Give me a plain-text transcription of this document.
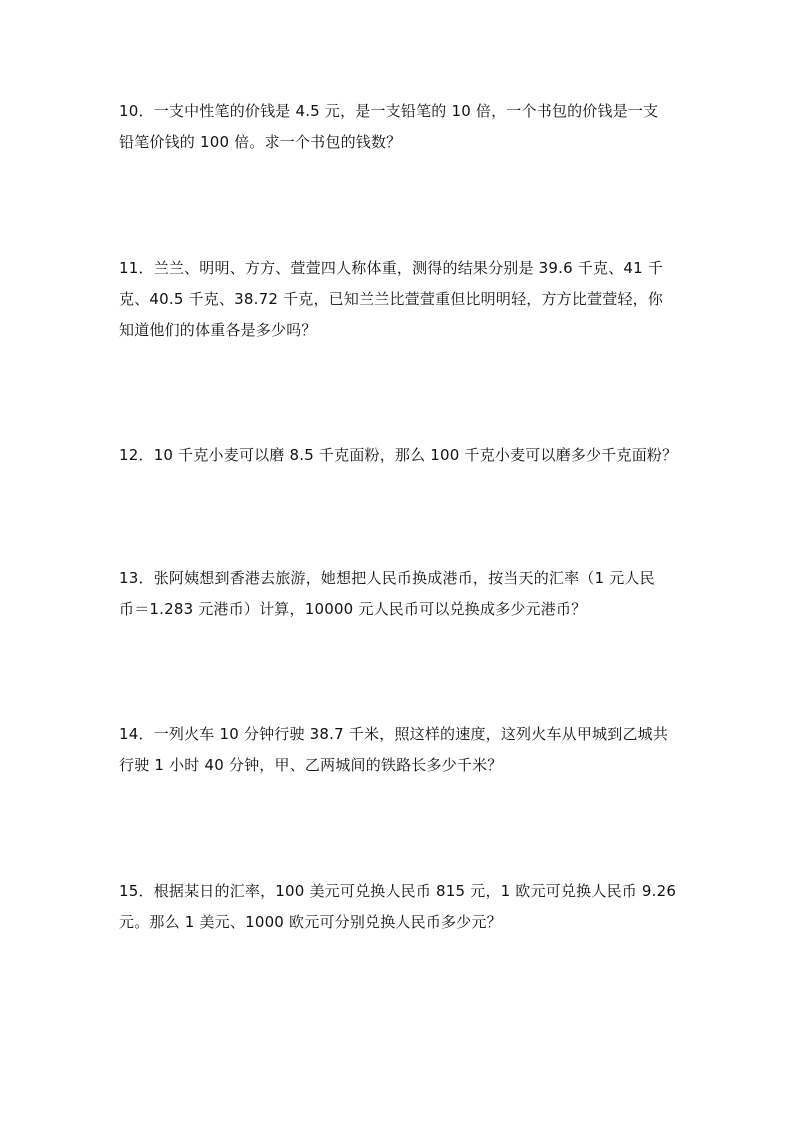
10．一支中性笔的价钱是 4.5 元，是一支铅笔的 10 倍，一个书包的价钱是一支
铅笔价钱的 100 倍。求一个书包的钱数？

11．兰兰、明明、方方、萱萱四人称体重，测得的结果分别是 39.6 千克、41 千
克、40.5 千克、38.72 千克，已知兰兰比萱萱重但比明明轻，方方比萱萱轻，你
知道他们的体重各是多少吗？

12．10 千克小麦可以磨 8.5 千克面粉，那么 100 千克小麦可以磨多少千克面粉？

13．张阿姨想到香港去旅游，她想把人民币换成港币，按当天的汇率（1 元人民
币＝1.283 元港币）计算，10000 元人民币可以兑换成多少元港币？

14．一列火车 10 分钟行驶 38.7 千米，照这样的速度，这列火车从甲城到乙城共
行驶 1 小时 40 分钟，甲、乙两城间的铁路长多少千米？

15．根据某日的汇率，100 美元可兑换人民币 815 元，1 欧元可兑换人民币 9.26
元。那么 1 美元、1000 欧元可分别兑换人民币多少元？
